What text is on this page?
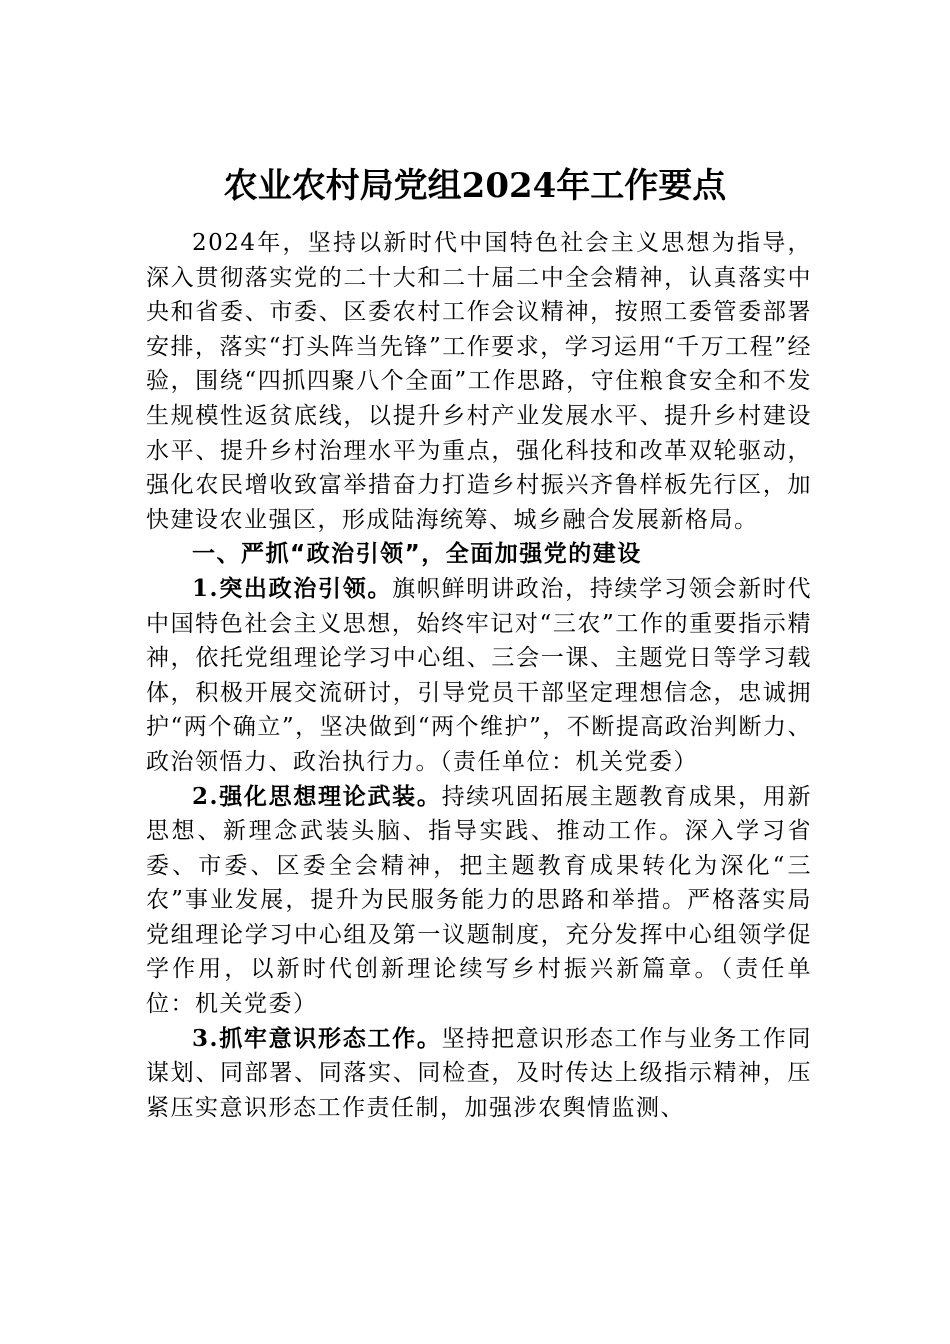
农业农村局党组2024年工作要点

2024年，坚持以新时代中国特色社会主义思想为指导，深入贯彻落实党的二十大和二十届二中全会精神，认真落实中央和省委、市委、区委农村工作会议精神，按照工委管委部署安排，落实“打头阵当先锋”工作要求，学习运用“千万工程”经验，围绕“四抓四聚八个全面”工作思路，守住粮食安全和不发生规模性返贫底线，以提升乡村产业发展水平、提升乡村建设水平、提升乡村治理水平为重点，强化科技和改革双轮驱动，强化农民增收致富举措奋力打造乡村振兴齐鲁样板先行区，加快建设农业强区，形成陆海统筹、城乡融合发展新格局。

一、严抓“政治引领”，全面加强党的建设

1.突出政治引领。旗帜鲜明讲政治，持续学习领会新时代中国特色社会主义思想，始终牢记对“三农”工作的重要指示精神，依托党组理论学习中心组、三会一课、主题党日等学习载体，积极开展交流研讨，引导党员干部坚定理想信念，忠诚拥护“两个确立”，坚决做到“两个维护”，不断提高政治判断力、政治领悟力、政治执行力。（责任单位：机关党委）

2.强化思想理论武装。持续巩固拓展主题教育成果，用新思想、新理念武装头脑、指导实践、推动工作。深入学习省委、市委、区委全会精神，把主题教育成果转化为深化“三农”事业发展，提升为民服务能力的思路和举措。严格落实局党组理论学习中心组及第一议题制度，充分发挥中心组领学促学作用，以新时代创新理论续写乡村振兴新篇章。（责任单位：机关党委）

3.抓牢意识形态工作。坚持把意识形态工作与业务工作同谋划、同部署、同落实、同检查，及时传达上级指示精神，压紧压实意识形态工作责任制，加强涉农舆情监测、
